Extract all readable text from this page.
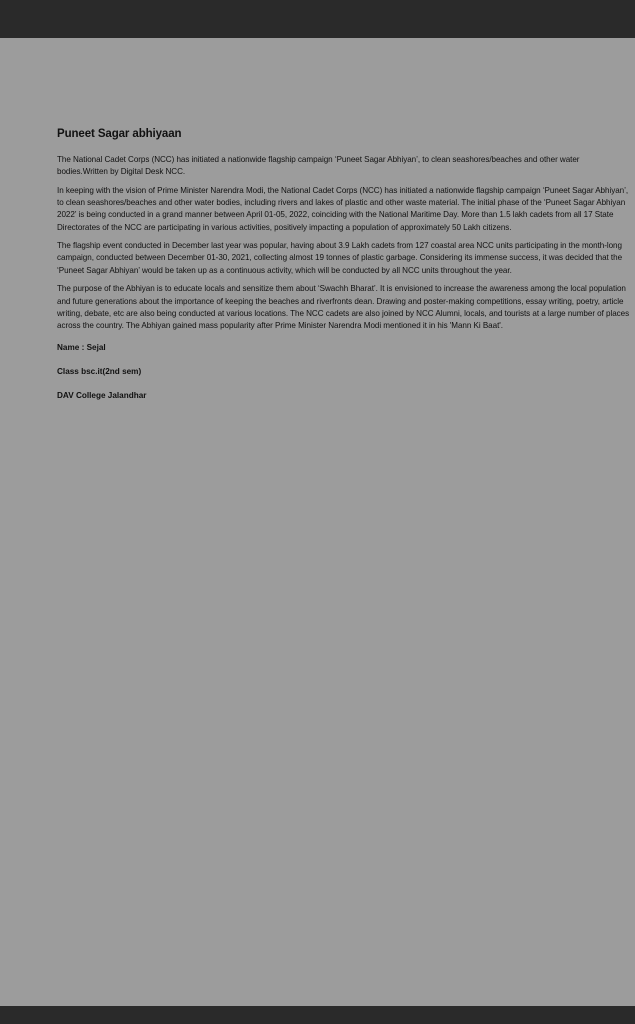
Puneet Sagar abhiyaan

The National Cadet Corps (NCC) has initiated a nationwide flagship campaign ‘Puneet Sagar Abhiyan’, to clean seashores/beaches and other water bodies.Written by Digital Desk NCC.

In keeping with the vision of Prime Minister Narendra Modi, the National Cadet Corps (NCC) has initiated a nationwide flagship campaign ‘Puneet Sagar Abhiyan’, to clean seashores/beaches and other water bodies, including rivers and lakes of plastic and other waste material. The initial phase of the ‘Puneet Sagar Abhiyan 2022’ is being conducted in a grand manner between April 01-05, 2022, coinciding with the National Maritime Day. More than 1.5 lakh cadets from all 17 State Directorates of the NCC are participating in various activities, positively impacting a population of approximately 50 Lakh citizens.

The flagship event conducted in December last year was popular, having about 3.9 Lakh cadets from 127 coastal area NCC units participating in the month-long campaign, conducted between December 01-30, 2021, collecting almost 19 tonnes of plastic garbage. Considering its immense success, it was decided that the ‘Puneet Sagar Abhiyan’ would be taken up as a continuous activity, which will be conducted by all NCC units throughout the year.

The purpose of the Abhiyan is to educate locals and sensitize them about ‘Swachh Bharat’. It is envisioned to increase the awareness among the local population and future generations about the importance of keeping the beaches and riverfronts dean. Drawing and poster-making competitions, essay writing, poetry, article writing, debate, etc are also being conducted at various locations. The NCC cadets are also joined by NCC Alumni, locals, and tourists at a large number of places across the country. The Abhiyan gained mass popularity after Prime Minister Narendra Modi mentioned it in his 'Mann Ki Baat'.

Name : Sejal

Class bsc.it(2nd sem)

DAV College Jalandhar
